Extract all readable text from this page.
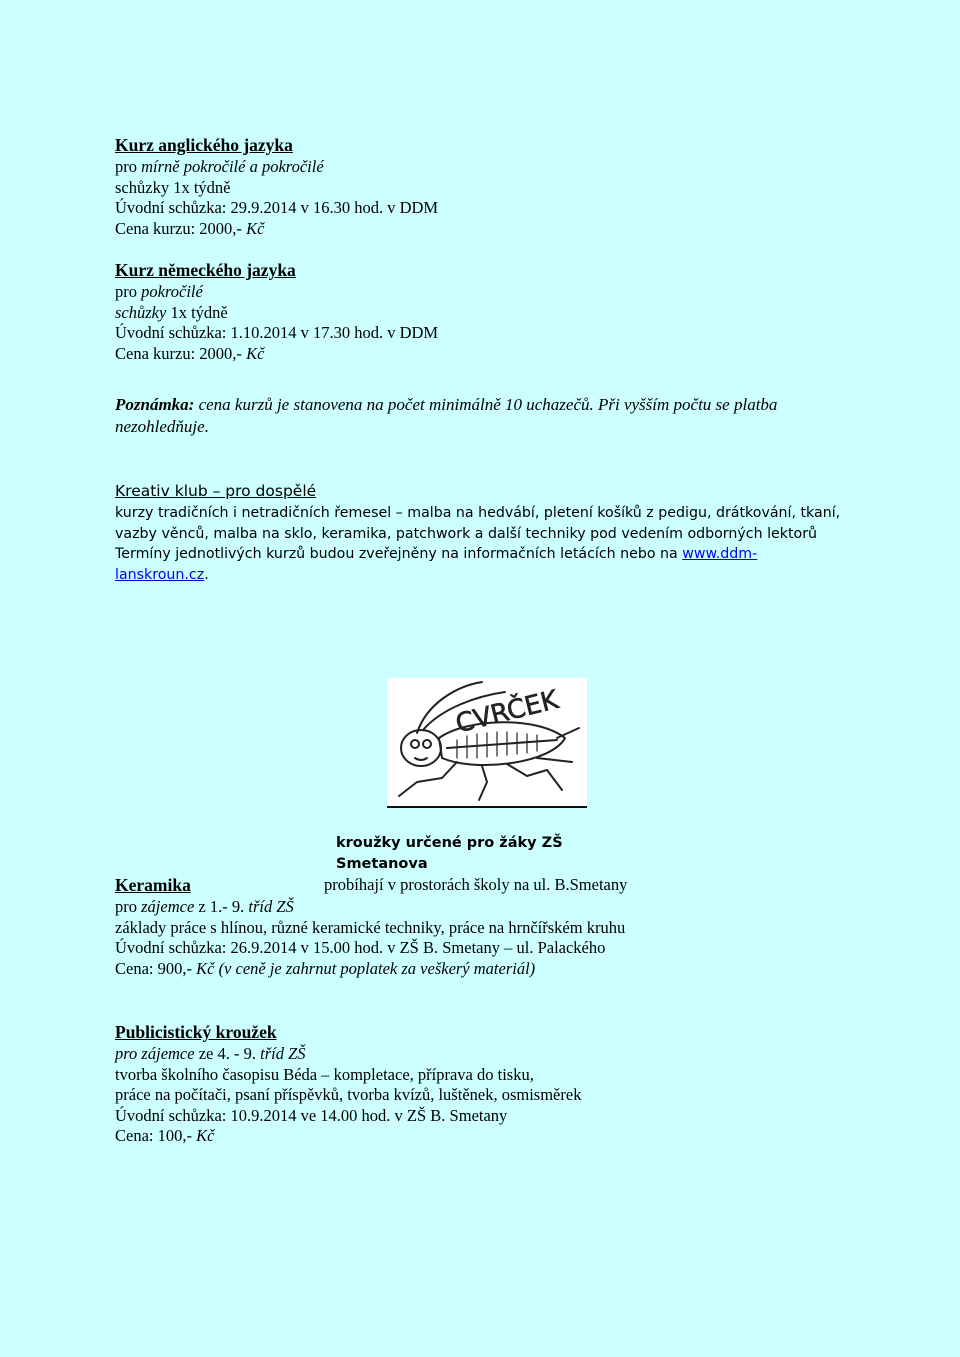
Kurz anglického jazyka
pro mírně pokročilé a pokročilé
schůzky 1x týdně
Úvodní schůzka: 29.9.2014 v 16.30 hod. v DDM
Cena kurzu: 2000,- Kč
Kurz německého jazyka
pro pokročilé
schůzky 1x týdně
Úvodní schůzka: 1.10.2014 v 17.30 hod. v DDM
Cena kurzu: 2000,- Kč
Poznámka: cena kurzů je stanovena na počet minimálně 10 uchazečů. Při vyšším počtu se platba nezohledňuje.
Kreativ klub – pro dospělé
kurzy tradičních i netradičních řemesel – malba na hedvábí, pletení košíků z pedigu, drátkování, tkaní,
vazby věnců, malba na sklo, keramika, patchwork a další techniky pod vedením odborných lektorů
Termíny jednotlivých kurzů budou zveřejněny na informačních letácích nebo na www.ddm-
lanskroun.cz.
CVRČEK
kroužky určené pro žáky ZŠ Smetanova
probíhají v prostorách školy na ul. B.Smetany
Keramika
pro zájemce z 1.- 9. tříd ZŠ
základy práce s hlínou, různé keramické techniky, práce na hrnčířském kruhu
Úvodní schůzka: 26.9.2014 v 15.00 hod. v ZŠ B. Smetany – ul. Palackého
Cena: 900,- Kč (v ceně je zahrnut poplatek za veškerý materiál)
Publicistický kroužek
pro zájemce ze 4. - 9. tříd ZŠ
tvorba školního časopisu Béda – kompletace, příprava do tisku,
práce na počítači, psaní příspěvků, tvorba kvízů, luštěnek, osmisměrek
Úvodní schůzka: 10.9.2014 ve 14.00 hod. v ZŠ B. Smetany
Cena: 100,- Kč
